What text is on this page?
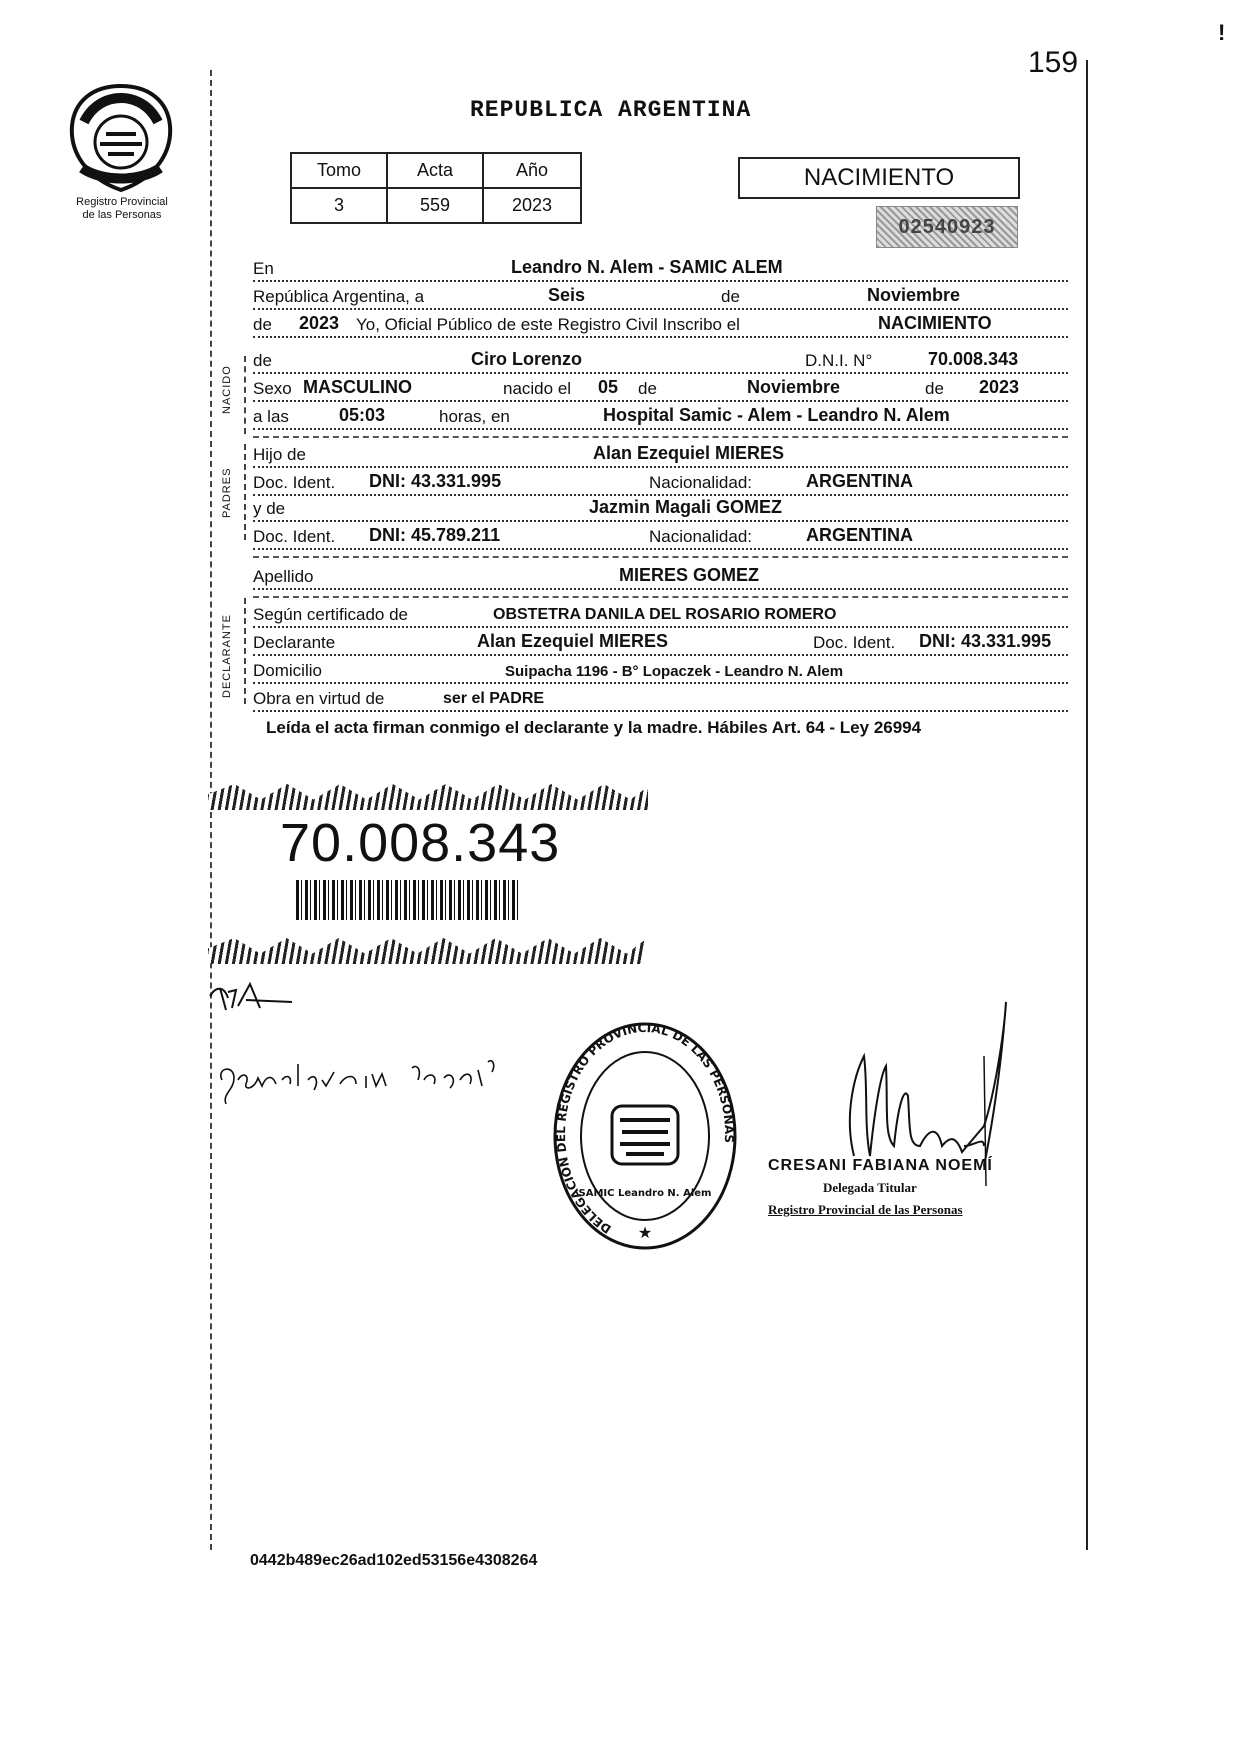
159
!
Registro Provincial
de las Personas
REPUBLICA ARGENTINA
Tomo	Acta	Año
3	559	2023
NACIMIENTO
02540923
NACIDO
PADRES
DECLARANTE
En	Leandro N. Alem - SAMIC ALEM
República Argentina, a	Seis	de	Noviembre
de 2023 Yo, Oficial Público de este Registro Civil Inscribo el	NACIMIENTO
de	Ciro Lorenzo	D.N.I. N°	70.008.343
Sexo MASCULINO	nacido el 05 de	Noviembre	de 2023
a las	05:03	horas, en	Hospital Samic - Alem - Leandro N. Alem
Hijo de	Alan Ezequiel MIERES
Doc. Ident. DNI: 43.331.995	Nacionalidad:	ARGENTINA
y de	Jazmin Magali GOMEZ
Doc. Ident. DNI: 45.789.211	Nacionalidad:	ARGENTINA
Apellido	MIERES GOMEZ
Según certificado de	OBSTETRA DANILA DEL ROSARIO ROMERO
Declarante	Alan Ezequiel MIERES	Doc. Ident. DNI: 43.331.995
Domicilio	Suipacha 1196 - B° Lopaczek - Leandro N. Alem
Obra en virtud de	ser el PADRE
Leída el acta firman conmigo el declarante y la madre. Hábiles Art. 64 - Ley 26994
70.008.343
DELEGACIÓN DEL REGISTRO PROVINCIAL DE LAS PERSONAS
SAMIC Leandro N. Alem
★
CRESANI FABIANA NOEMÍ
Delegada Titular
Registro Provincial de las Personas
0442b489ec26ad102ed53156e4308264
